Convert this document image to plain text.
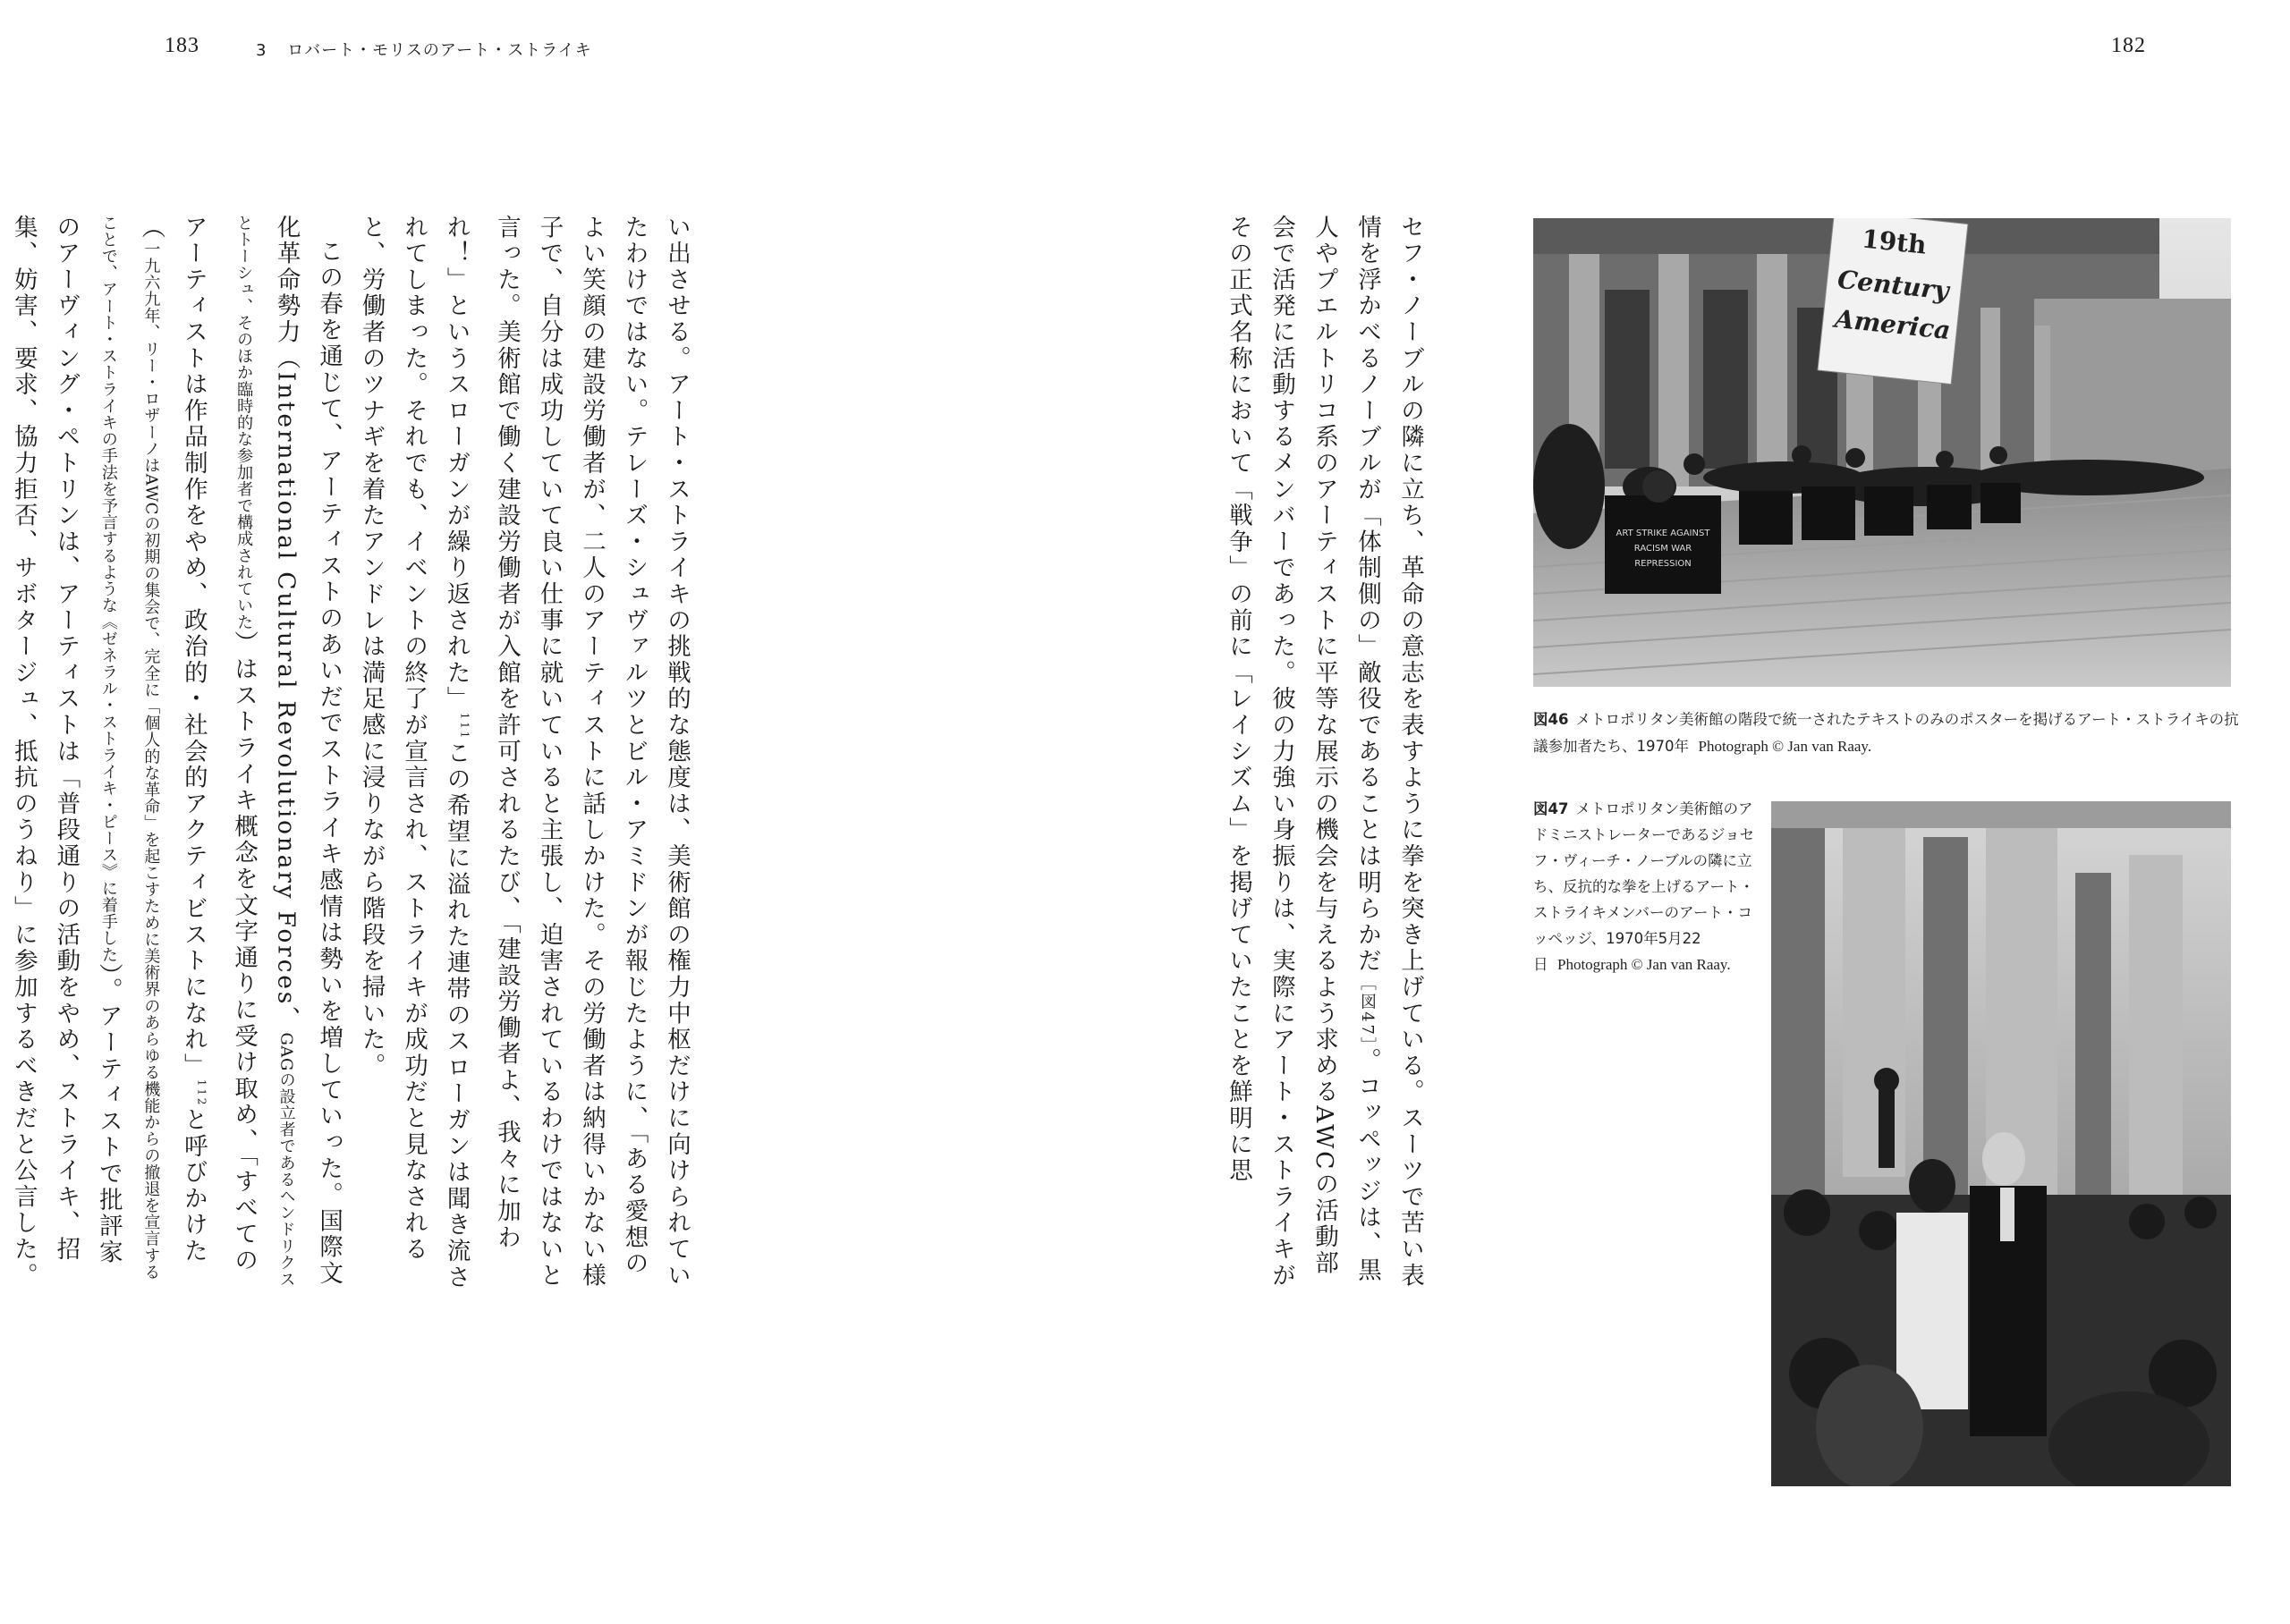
183	3 ロバート・モリスのアート・ストライキ	182

い出させる。アート・ストライキの挑戦的な態度は、美術館の権力中枢だけに向けられていたわけではない。テレーズ・シュヴァルツとビル・アミドンが報じたように、「ある愛想のよい笑顔の建設労働者が、二人のアーティストに話しかけた。その労働者は納得いかない様子で、自分は成功していて良い仕事に就いていると主張し、迫害されているわけではないと言った。美術館で働く建設労働者が入館を許可されるたび、「建設労働者よ、我々に加われ！」というスローガンが繰り返された」$^{111}$この希望に溢れた連帯のスローガンは聞き流されてしまった。それでも、イベントの終了が宣言され、ストライキが成功だと見なされると、労働者のツナギを着たアンドレは満足感に浸りながら階段を掃いた。

この春を通じて、アーティストのあいだでストライキ感情は勢いを増していった。国際文化革命勢力（International Cultural Revolutionary Forces、GAGの設立者であるヘンドリクスとトーシュ、そのほか臨時的な参加者で構成されていた）はストライキ概念を文字通りに受け取め、「すべてのアーティストは作品制作をやめ、政治的・社会的アクティビストになれ」$^{112}$と呼びかけた（一九六九年、リー・ロザーノはAWCの初期の集会で、完全に「個人的な革命」を起こすために美術界のあらゆる機能からの撤退を宣言することで、アート・ストライキの手法を予言するような《ゼネラル・ストライキ・ピース》に着手した）。アーティストで批評家のアーヴィング・ペトリンは、アーティストは「普段通りの活動をやめ、ストライキ、招集、妨害、要求、協力拒否、サボタージュ、抵抗のうねり」に参加するべきだと公言した。	セフ・ノーブルの隣に立ち、革命の意志を表すように拳を突き上げている。スーツで苦い表情を浮かべるノーブルが「体制側の」敵役であることは明らかだ［図47］。コッペッジは、黒人やプエルトリコ系のアーティストに平等な展示の機会を与えるよう求めるAWCの活動部会で活発に活動するメンバーであった。彼の力強い身振りは、実際にアート・ストライキがその正式名称において「戦争」の前に「レイシズム」を掲げていたことを鮮明に思	19th
Century
America
ART STRIKE AGAINST
RACISM WAR
REPRESSION
図46 メトロポリタン美術館の階段で統一されたテキストのみのポスターを掲げるアート・ストライキの抗議参加者たち、1970年 Photograph © Jan van Raay.
図47 メトロポリタン美術館のアドミニストレーターであるジョセフ・ヴィーチ・ノーブルの隣に立ち、反抗的な拳を上げるアート・ストライキメンバーのアート・コッペッジ、1970年5月22日 Photograph © Jan van Raay.
